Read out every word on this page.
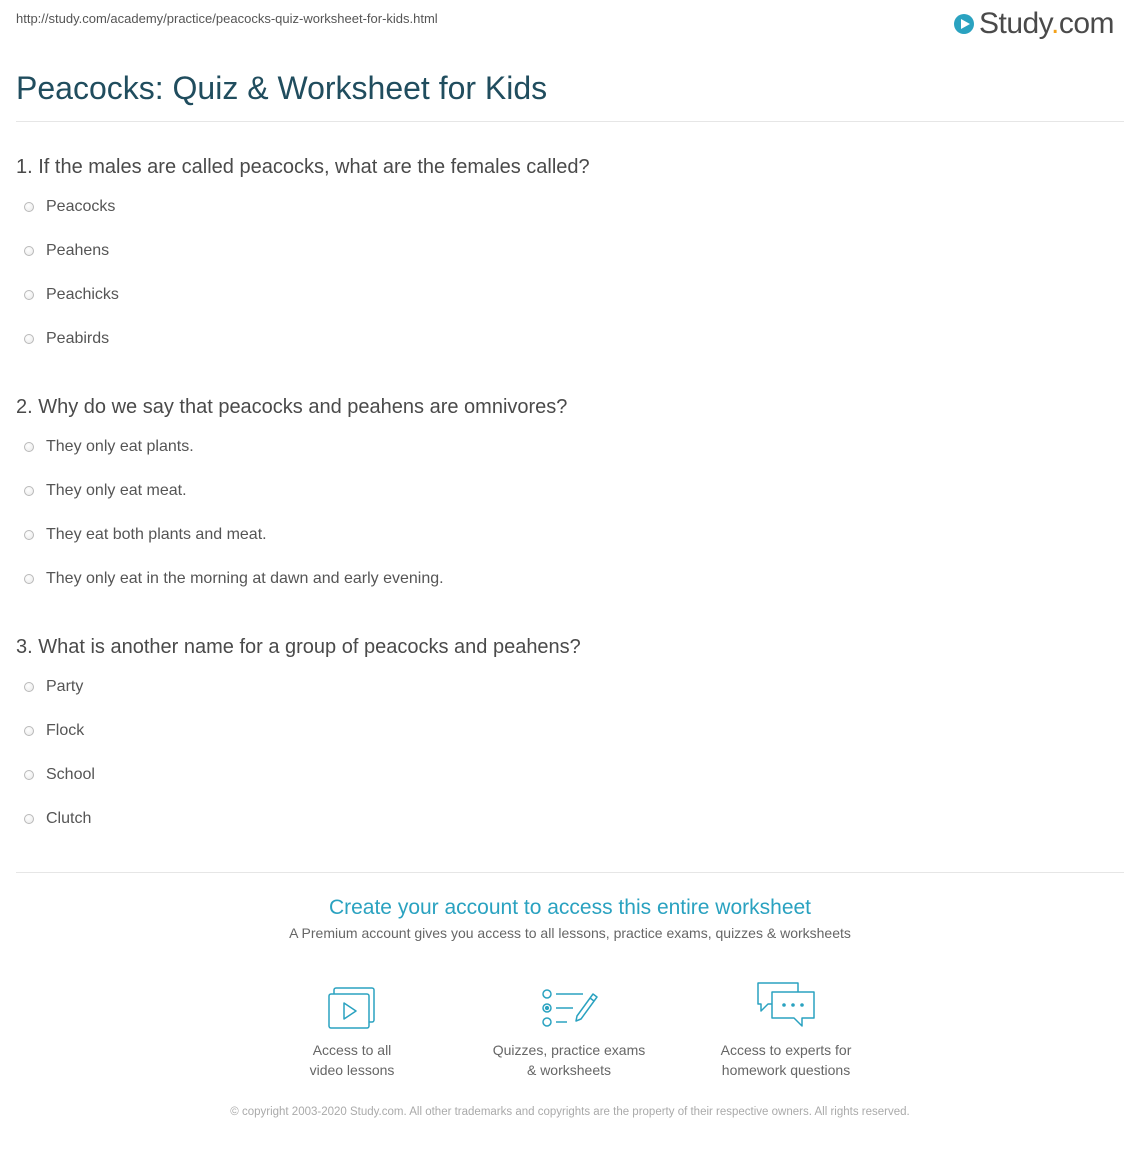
http://study.com/academy/practice/peacocks-quiz-worksheet-for-kids.html	Study.com
Peacocks: Quiz & Worksheet for Kids

1. If the males are called peacocks, what are the females called?

Peacocks
Peahens
Peachicks
Peabirds

2. Why do we say that peacocks and peahens are omnivores?

They only eat plants.
They only eat meat.
They eat both plants and meat.
They only eat in the morning at dawn and early evening.

3. What is another name for a group of peacocks and peahens?

Party
Flock
School
Clutch
Create your account to access this entire worksheet
A Premium account gives you access to all lessons, practice exams, quizzes & worksheets
Access to all
video lessons
Quizzes, practice exams
& worksheets
Access to experts for
homework questions
© copyright 2003-2020 Study.com. All other trademarks and copyrights are the property of their respective owners. All rights reserved.
